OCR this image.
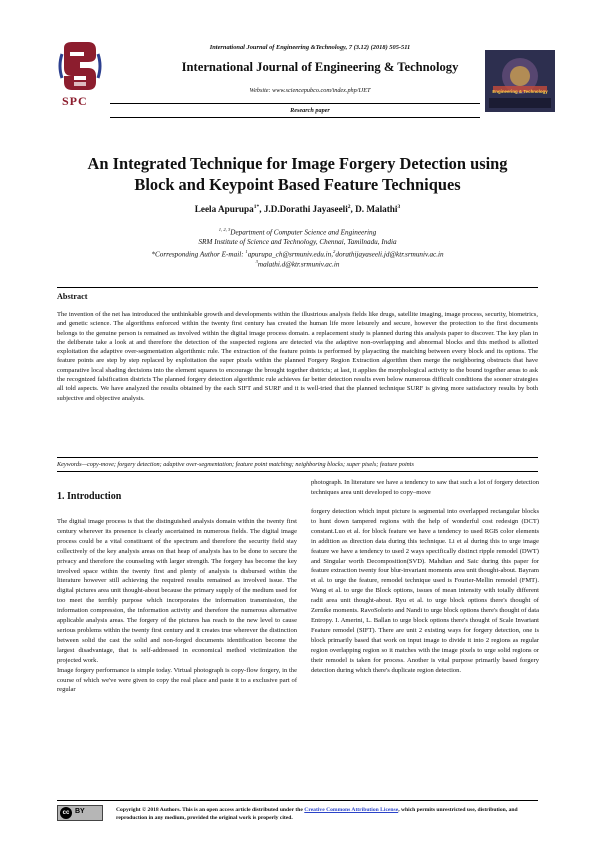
SPC
International Journal of Engineering &Technology, 7 (3.12) (2018) 505-511
International Journal of Engineering & Technology
Website: www.sciencepubco.com/index.php/IJET
Research paper
Engineering & Technology
An Integrated Technique for Image Forgery Detection using
Block and Keypoint Based Feature Techniques
Leela Apurupa$^{1*}$, J.D.Dorathi Jayaseeli$^2$, D. Malathi$^3$
$^{1, 2, 3}$Department of Computer Science and Engineering
SRM Institute of Science and Technology, Chennai, Tamilnadu, India
*Corresponding Author E-mail: $^1$apurupa_ch@srmuniv.edu.in,$^2$dorathijayaseeli.jd@ktr.srmuniv.ac.in
$^3$malathi.d@ktr.srmuniv.ac.in
Abstract
The invention of the net has introduced the unthinkable growth and developments within the illustrious analysis fields like drugs, satellite imaging, image process, security, biometrics, and genetic science. The algorithms enforced within the twenty first century has created the human life more leisurely and secure, however the protection to the first documents belongs to the genuine person is remained as involved within the digital image process domain. a replacement study is planned during this analysis paper to discover. The key plan in the deliberate take a look at and therefore the detection of the suspected regions are detected via the adaptive non-overlapping and abnormal blocks and this method is allotted exploitation the adaptive over-segmentation algorithmic rule. The extraction of the feature points is performed by playacting the matching between every block and its options. The feature points are step by step replaced by exploitation the super pixels within the planned Forgery Region Extraction algorithm then merge the neighboring obstructs that have comparative local shading decisions into the element squares to encourage the brought together districts; at last, it applies the morphological activity to the bound together areas to ask the recognized falsification districts The planned forgery detection algorithmic rule achieves far better detection results even below numerous difficult conditions the sooner strategies all told aspects. We have analyzed the results obtained by the each SIFT and SURF and it is well-tried that the planned technique SURF is giving more satisfactory results by both subjective and objective analysis.
Keywords—copy-move; forgery detection; adaptive over-segmentation; feature point matching; neighboring blocks; super pixels; feature points
1. Introduction

The digital image process is that the distinguished analysis domain within the twenty first century wherever its presence is clearly ascertained in numerous fields. The digital image process could be a vital constituent of the spectrum and therefore the security field stay collectively of the key analysis areas on that heap of analysis has to be done to secure the privacy and therefore the counseling with larger strength. The forgery has become the key involved space within the twenty first and plenty of analysis is disbursed within the literature however still achieving the required results remained as involved issue. The digital pictures area unit thought-about because the primary supply of the medium used for too meet the terribly purpose which incorporates the information transmission, the information compression, the information activity and therefore the numerous alternative applicable analysis areas. The forgery of the pictures has reach to the new level to cause serious problems within the twenty first century and it creates true wherever the distinction between solid the cast the solid and non-forged documents identification become the largest disadvantage, that is self-addressed in economical method victimization the projected work.

Image forgery performance is simple today. Virtual photograph is copy-flow forgery, in the course of which we've were given to copy the real place and paste it to a exclusive part of regular

photograph. In literature we have a tendency to saw that such a lot of forgery detection techniques area unit developed to copy–move

forgery detection which input picture is segmental into overlapped rectangular blocks to hunt down tampered regions with the help of wonderful cost redesign (DCT) constant.Luo et al. for block feature we have a tendency to used RGB color elements in addition as direction data during this technique. Li et al during this to urge image feature we have a tendency to used 2 ways specifically distinct ripple remodel (DWT) and Singular worth Decomposition(SVD). Mahdian and Saic during this paper for feature extraction twenty four blur-invariant moments area unit thought-about. Bayram et al. to urge the feature, remodel technique used is Fourier-Mellin remodel (FMT). Wang et al. to urge the Block options, issues of mean intensity with totally different radii area unit thought-about. Ryu et al. to urge block options there's thought of Zernike moments. RavoSolorio and Nandi to urge block options there's thought of data Entropy. I. Amerini, L. Ballan to urge block options there's thought of Scale Invariant Feature remodel (SIFT). There are unit 2 existing ways for forgery detection, one is block primarily based that work on input image to divide it into 2 regions as regular region overlapping region so it matches with the image pixels to urge solid regions or their remodel is taken for process. Another is vital purpose primarily based forgery detection during which there's duplicate region detection.

cc BY	Copyright © 2018 Authors. This is an open access article distributed under the Creative Commons Attribution License, which permits unrestricted use, distribution, and reproduction in any medium, provided the original work is properly cited.
